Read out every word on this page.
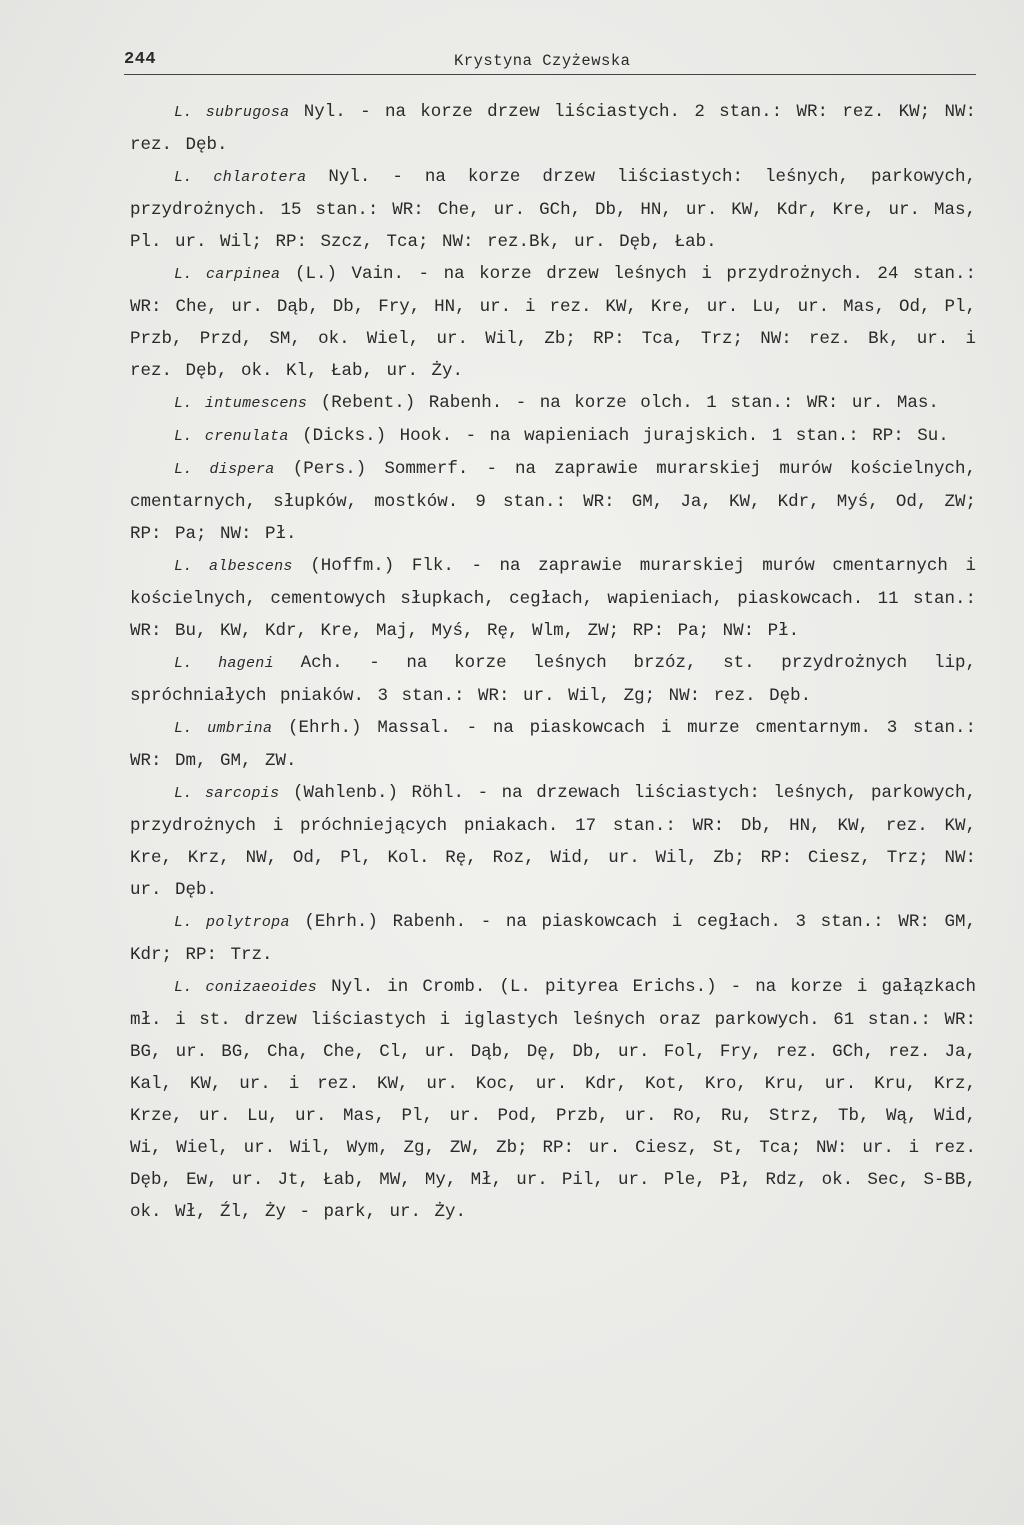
244	Krystyna Czyżewska

L. subrugosa Nyl. - na korze drzew liściastych. 2 stan.: WR: rez. KW; NW: rez. Dęb.

L. chlarotera Nyl. - na korze drzew liściastych: leśnych, parkowych, przydrożnych. 15 stan.: WR: Che, ur. GCh, Db, HN, ur. KW, Kdr, Kre, ur. Mas, Pl. ur. Wil; RP: Szcz, Tca; NW: rez.Bk, ur. Dęb, Łab.

L. carpinea (L.) Vain. - na korze drzew leśnych i przydrożnych. 24 stan.: WR: Che, ur. Dąb, Db, Fry, HN, ur. i rez. KW, Kre, ur. Lu, ur. Mas, Od, Pl, Przb, Przd, SM, ok. Wiel, ur. Wil, Zb; RP: Tca, Trz; NW: rez. Bk, ur. i rez. Dęb, ok. Kl, Łab, ur. Ży.

L. intumescens (Rebent.) Rabenh. - na korze olch. 1 stan.: WR: ur. Mas.

L. crenulata (Dicks.) Hook. - na wapieniach jurajskich. 1 stan.: RP: Su.

L. dispera (Pers.) Sommerf. - na zaprawie murarskiej murów kościelnych, cmentarnych, słupków, mostków. 9 stan.: WR: GM, Ja, KW, Kdr, Myś, Od, ZW; RP: Pa; NW: Pł.

L. albescens (Hoffm.) Flk. - na zaprawie murarskiej murów cmentarnych i kościelnych, cementowych słupkach, cegłach, wapieniach, piaskowcach. 11 stan.: WR: Bu, KW, Kdr, Kre, Maj, Myś, Rę, Wlm, ZW; RP: Pa; NW: Pł.

L. hageni Ach. - na korze leśnych brzóz, st. przydrożnych lip, spróchniałych pniaków. 3 stan.: WR: ur. Wil, Zg; NW: rez. Dęb.

L. umbrina (Ehrh.) Massal. - na piaskowcach i murze cmentarnym. 3 stan.: WR: Dm, GM, ZW.

L. sarcopis (Wahlenb.) Röhl. - na drzewach liściastych: leśnych, parkowych, przydrożnych i próchniejących pniakach. 17 stan.: WR: Db, HN, KW, rez. KW, Kre, Krz, NW, Od, Pl, Kol. Rę, Roz, Wid, ur. Wil, Zb; RP: Ciesz, Trz; NW: ur. Dęb.

L. polytropa (Ehrh.) Rabenh. - na piaskowcach i cegłach. 3 stan.: WR: GM, Kdr; RP: Trz.

L. conizaeoides Nyl. in Cromb. (L. pityrea Erichs.) - na korze i gałązkach mł. i st. drzew liściastych i iglastych leśnych oraz parkowych. 61 stan.: WR: BG, ur. BG, Cha, Che, Cl, ur. Dąb, Dę, Db, ur. Fol, Fry, rez. GCh, rez. Ja, Kal, KW, ur. i rez. KW, ur. Koc, ur. Kdr, Kot, Kro, Kru, ur. Kru, Krz, Krze, ur. Lu, ur. Mas, Pl, ur. Pod, Przb, ur. Ro, Ru, Strz, Tb, Wą, Wid, Wi, Wiel, ur. Wil, Wym, Zg, ZW, Zb; RP: ur. Ciesz, St, Tca; NW: ur. i rez. Dęb, Ew, ur. Jt, Łab, MW, My, Mł, ur. Pil, ur. Ple, Pł, Rdz, ok. Sec, S-BB, ok. Wł, Źl, Ży - park, ur. Ży.
